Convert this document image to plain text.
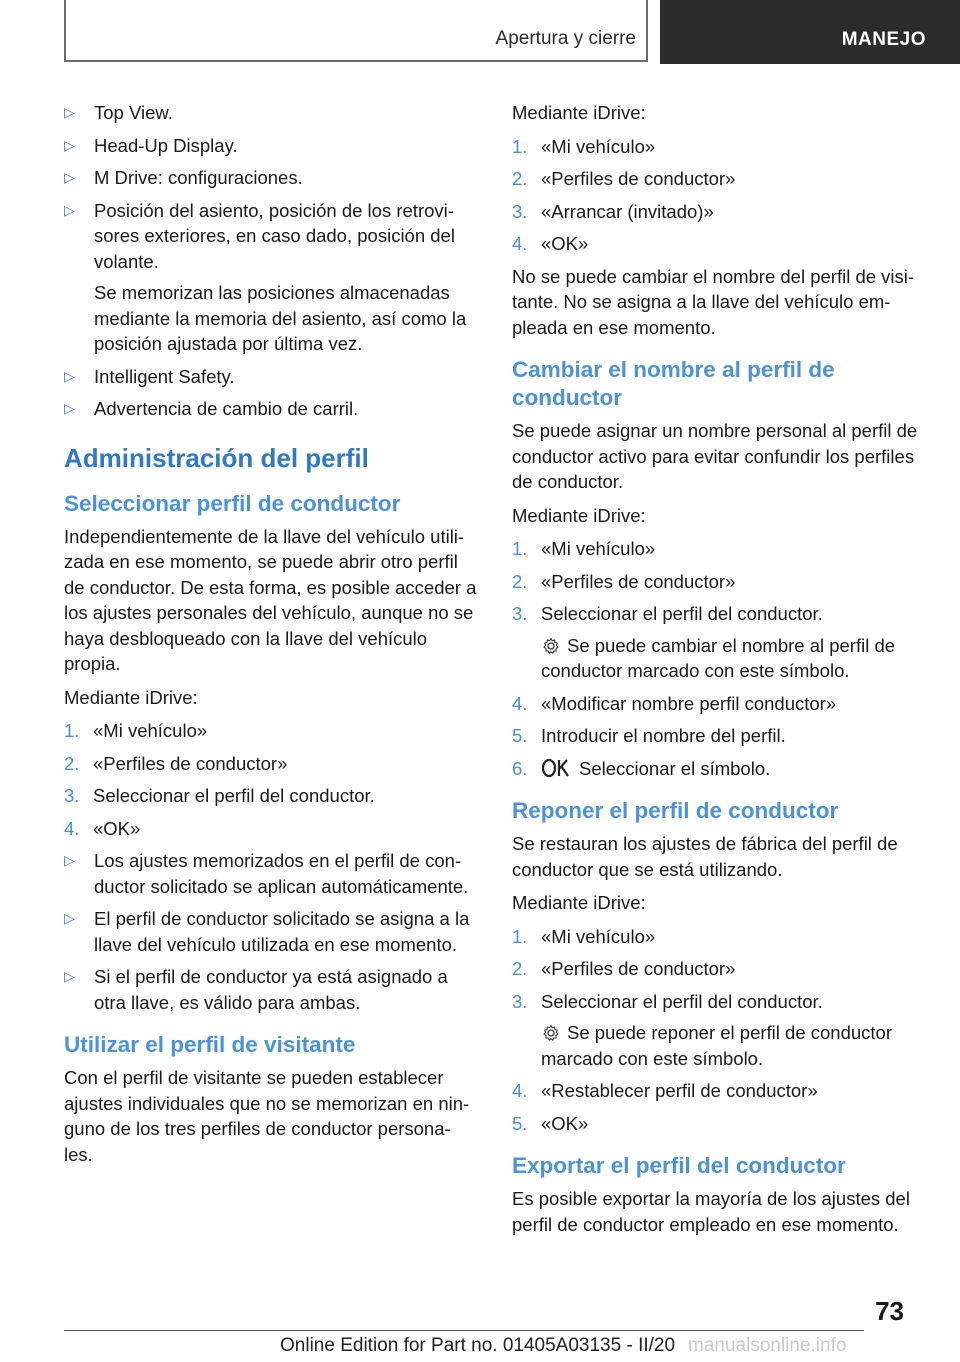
Apertura y cierre	MANEJO
▷ Top View.
▷ Head-Up Display.
▷ M Drive: configuraciones.
▷ Posición del asiento, posición de los retrovi-sores exteriores, en caso dado, posición del volante.
Se memorizan las posiciones almacenadas mediante la memoria del asiento, así como la posición ajustada por última vez.
▷ Intelligent Safety.
▷ Advertencia de cambio de carril.
Administración del perfil
Seleccionar perfil de conductor

Independientemente de la llave del vehículo utili-zada en ese momento, se puede abrir otro perfil de conductor. De esta forma, es posible acceder a los ajustes personales del vehículo, aunque no se haya desbloqueado con la llave del vehículo propia.

Mediante iDrive:

1. «Mi vehículo»
2. «Perfiles de conductor»
3. Seleccionar el perfil del conductor.
4. «OK»
▷ Los ajustes memorizados en el perfil de con-ductor solicitado se aplican automáticamente.
▷ El perfil de conductor solicitado se asigna a la llave del vehículo utilizada en ese momento.
▷ Si el perfil de conductor ya está asignado a otra llave, es válido para ambas.
Utilizar el perfil de visitante

Con el perfil de visitante se pueden establecer ajustes individuales que no se memorizan en nin-guno de los tres perfiles de conductor persona-les.

Mediante iDrive:

1. «Mi vehículo»
2. «Perfiles de conductor»
3. «Arrancar (invitado)»
4. «OK»

No se puede cambiar el nombre del perfil de visi-tante. No se asigna a la llave del vehículo em-pleada en ese momento.

Cambiar el nombre al perfil de conductor

Se puede asignar un nombre personal al perfil de conductor activo para evitar confundir los perfiles de conductor.

Mediante iDrive:

1. «Mi vehículo»
2. «Perfiles de conductor»
3. Seleccionar el perfil del conductor.
Se puede cambiar el nombre al perfil de conductor marcado con este símbolo.
4. «Modificar nombre perfil conductor»
5. Introducir el nombre del perfil.
6.	Seleccionar el símbolo.
Reponer el perfil de conductor

Se restauran los ajustes de fábrica del perfil de conductor que se está utilizando.

Mediante iDrive:

1. «Mi vehículo»
2. «Perfiles de conductor»
3. Seleccionar el perfil del conductor.
Se puede reponer el perfil de conductor marcado con este símbolo.
4. «Restablecer perfil de conductor»
5. «OK»
Exportar el perfil del conductor

Es posible exportar la mayoría de los ajustes del perfil de conductor empleado en ese momento.

73
Online Edition for Part no. 01405A03135 - II/20 manualsonline.info
